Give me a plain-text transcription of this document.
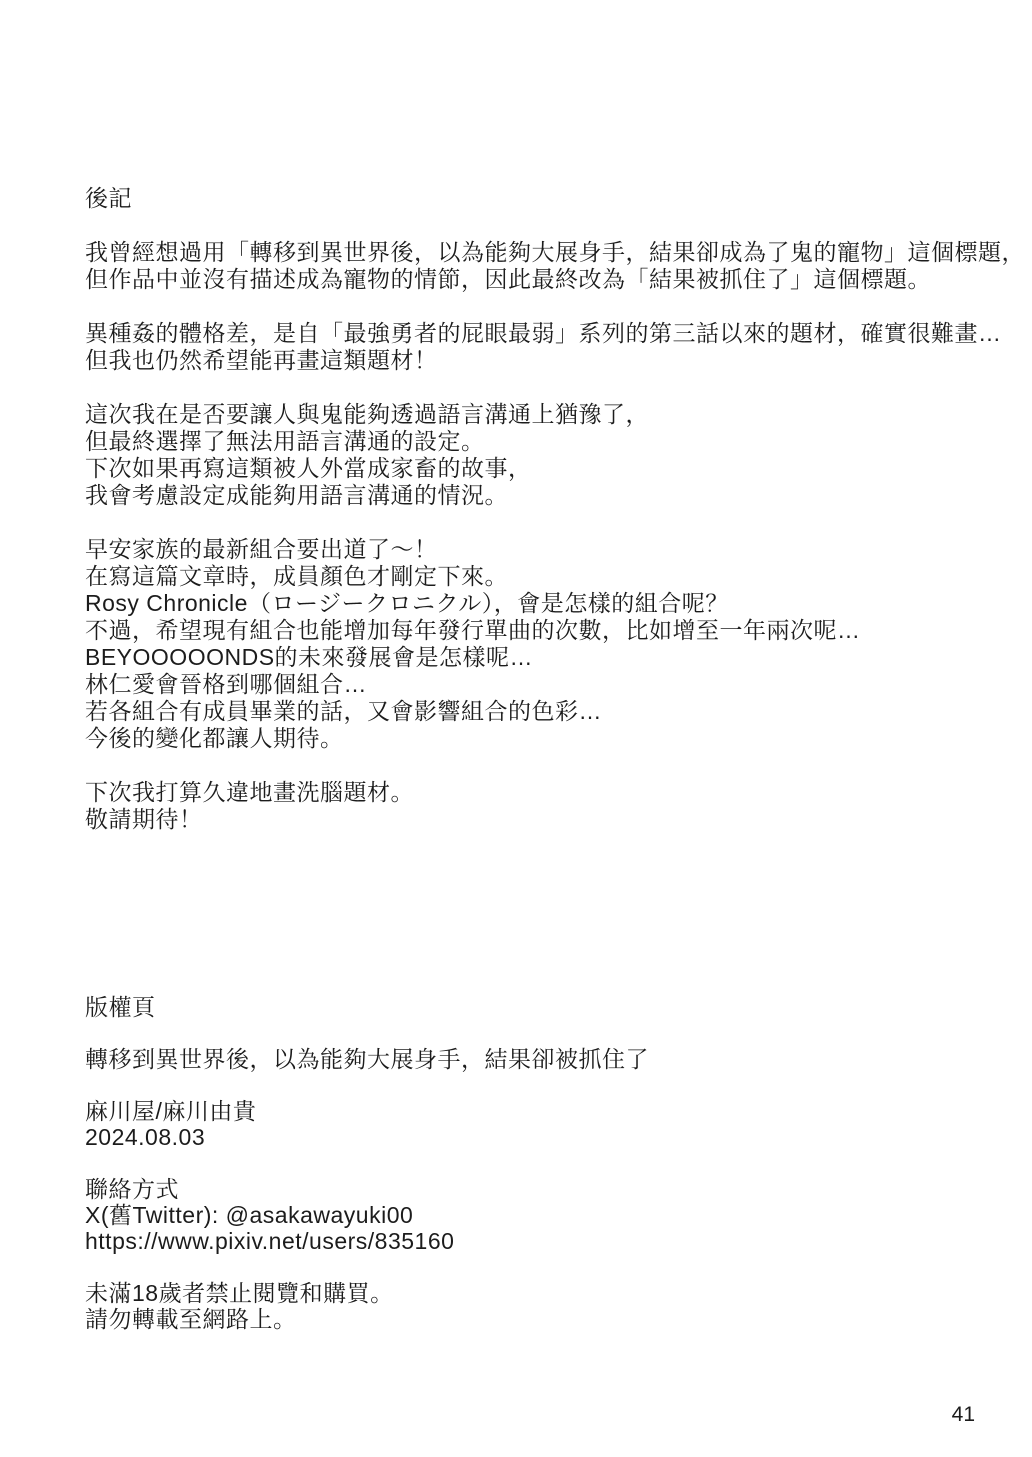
後記
我曾經想過用「轉移到異世界後，以為能夠大展身手，結果卻成為了鬼的寵物」這個標題，
但作品中並沒有描述成為寵物的情節，因此最終改為「結果被抓住了」這個標題。
異種姦的體格差，是自「最強勇者的屁眼最弱」系列的第三話以來的題材，確實很難畫…
但我也仍然希望能再畫這類題材！
這次我在是否要讓人與鬼能夠透過語言溝通上猶豫了，
但最終選擇了無法用語言溝通的設定。
下次如果再寫這類被人外當成家畜的故事，
我會考慮設定成能夠用語言溝通的情況。
早安家族的最新組合要出道了～！
在寫這篇文章時，成員顏色才剛定下來。
Rosy Chronicle（ロージークロニクル），會是怎樣的組合呢？
不過，希望現有組合也能增加每年發行單曲的次數，比如增至一年兩次呢…
BEYOOOOONDS的未來發展會是怎樣呢…
林仁愛會晉格到哪個組合…
若各組合有成員畢業的話，又會影響組合的色彩…
今後的變化都讓人期待。
下次我打算久違地畫洗腦題材。
敬請期待！
版權頁
轉移到異世界後，以為能夠大展身手，結果卻被抓住了
麻川屋/麻川由貴
2024.08.03
聯絡方式
X(舊Twitter): @asakawayuki00
https://www.pixiv.net/users/835160
未滿18歲者禁止閱覽和購買。
請勿轉載至網路上。
41
